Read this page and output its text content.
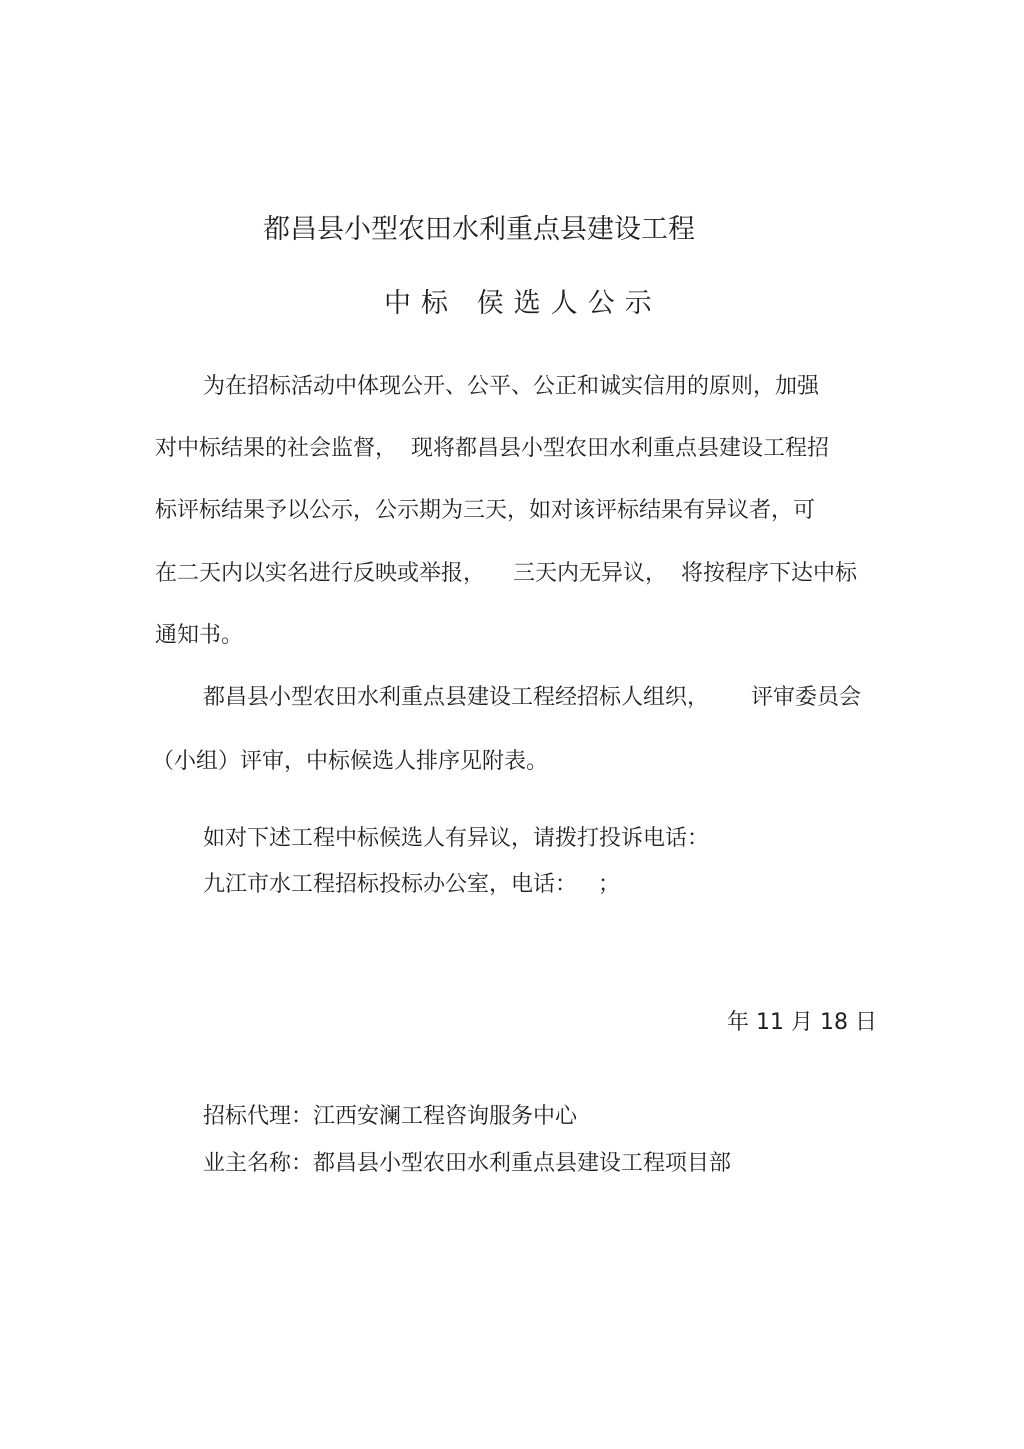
都昌县小型农田水利重点县建设工程
中标 侯选人公示
为在招标活动中体现公开、公平、公正和诚实信用的原则，加强
对中标结果的社会监督，  现将都昌县小型农田水利重点县建设工程招
标评标结果予以公示，公示期为三天，如对该评标结果有异议者，可
在二天内以实名进行反映或举报，    三天内无异议，  将按程序下达中标
通知书。
都昌县小型农田水利重点县建设工程经招标人组织，      评审委员会
（小组）评审，中标候选人排序见附表。
如对下述工程中标候选人有异议，请拨打投诉电话：
九江市水工程招标投标办公室，电话：   ；
年 11 月 18 日
招标代理：江西安澜工程咨询服务中心
业主名称：都昌县小型农田水利重点县建设工程项目部
